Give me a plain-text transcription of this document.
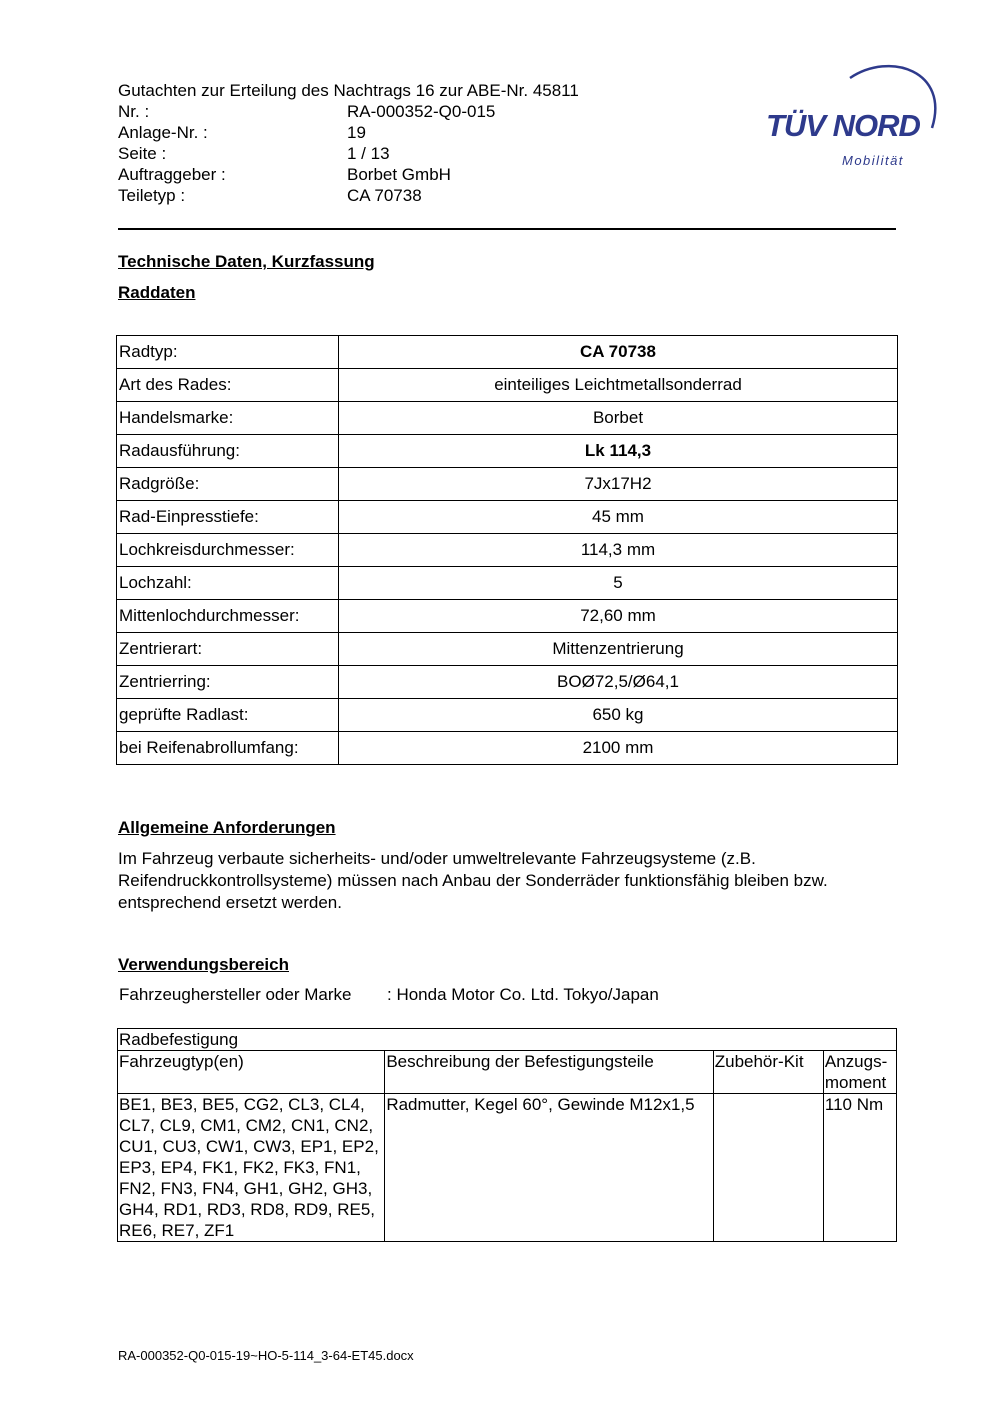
Gutachten zur Erteilung des Nachtrags 16 zur ABE-Nr. 45811
Nr. :	RA-000352-Q0-015
Anlage-Nr. :	19
Seite :	1 / 13
Auftraggeber :	Borbet GmbH
Teiletyp :	CA 70738
TÜV NORD
Mobilität
Technische Daten, Kurzfassung
Raddaten
Radtyp:	CA 70738
Art des Rades:	einteiliges Leichtmetallsonderrad
Handelsmarke:	Borbet
Radausführung:	Lk 114,3
Radgröße:	7Jx17H2
Rad-Einpresstiefe:	45 mm
Lochkreisdurchmesser:	114,3 mm
Lochzahl:	5
Mittenlochdurchmesser:	72,60 mm
Zentrierart:	Mittenzentrierung
Zentrierring:	BOØ72,5/Ø64,1
geprüfte Radlast:	650 kg
bei Reifenabrollumfang:	2100 mm
Allgemeine Anforderungen
Im Fahrzeug verbaute sicherheits- und/oder umweltrelevante Fahrzeugsysteme (z.B. Reifendruckkontrollsysteme) müssen nach Anbau der Sonderräder funktionsfähig bleiben bzw. entsprechend ersetzt werden.
Verwendungsbereich
Fahrzeughersteller oder Marke	: Honda Motor Co. Ltd. Tokyo/Japan
Radbefestigung			
Fahrzeugtyp(en)	Beschreibung der Befestigungsteile	Zubehör-Kit	Anzugs-moment
BE1, BE3, BE5, CG2, CL3, CL4, CL7, CL9, CM1, CM2, CN1, CN2, CU1, CU3, CW1, CW3, EP1, EP2, EP3, EP4, FK1, FK2, FK3, FN1, FN2, FN3, FN4, GH1, GH2, GH3, GH4, RD1, RD3, RD8, RD9, RE5, RE6, RE7, ZF1	Radmutter, Kegel 60°, Gewinde M12x1,5		110 Nm
RA-000352-Q0-015-19~HO-5-114_3-64-ET45.docx
